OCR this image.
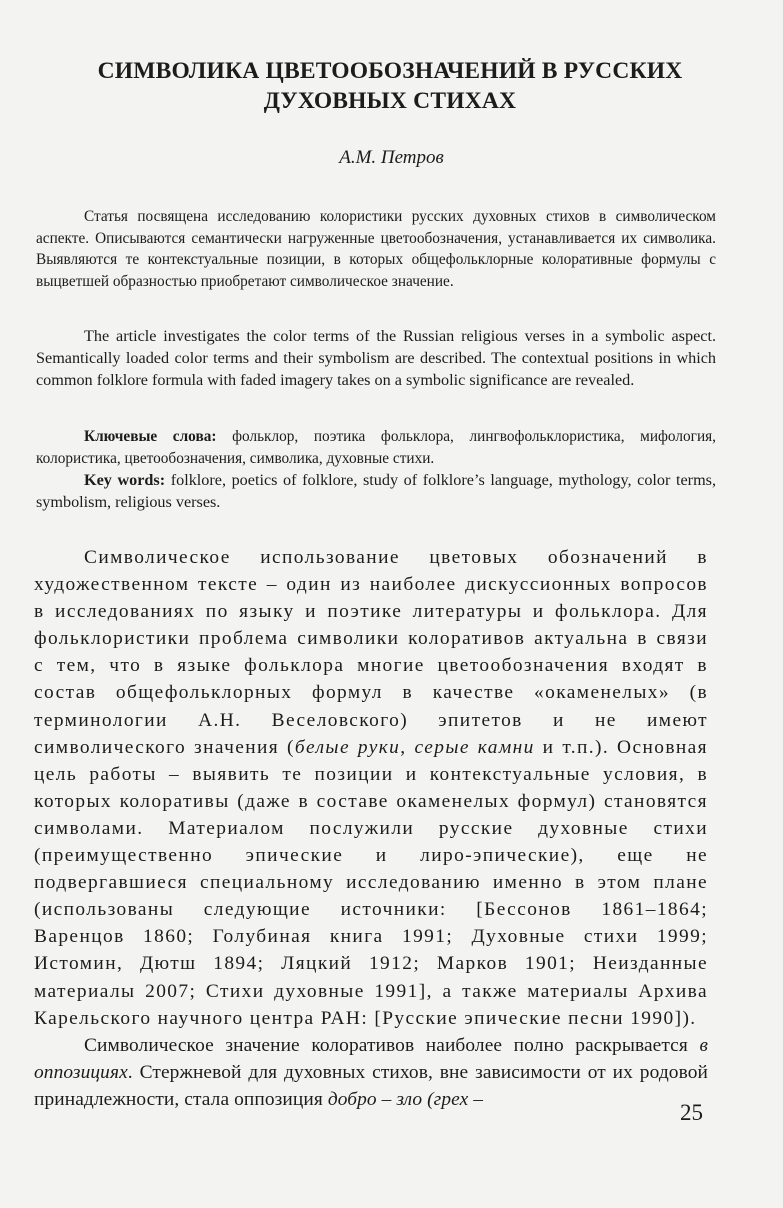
СИМВОЛИКА ЦВЕТООБОЗНАЧЕНИЙ В РУССКИХ
ДУХОВНЫХ СТИХАХ
А.М. Петров

Статья посвящена исследованию колористики русских духовных стихов в символическом аспекте. Описываются семантически нагруженные цветообозначения, устанавливается их символика. Выявляются те контекстуальные позиции, в которых общефольклорные колоративные формулы с выцветшей образностью приобретают символическое значение.

The article investigates the color terms of the Russian religious verses in a symbolic aspect. Semantically loaded color terms and their symbolism are described. The contextual positions in which common folklore formula with faded imagery takes on a symbolic significance are revealed.

Ключевые слова: фольклор, поэтика фольклора, лингвофольклористика, мифология, колористика, цветообозначения, символика, духовные стихи.

Key words: folklore, poetics of folklore, study of folklore’s language, mythology, color terms, symbolism, religious verses.

Символическое использование цветовых обозначений в художественном тексте – один из наиболее дискуссионных вопросов в исследованиях по языку и поэтике литературы и фольклора. Для фольклористики проблема символики колоративов актуальна в связи с тем, что в языке фольклора многие цветообозначения входят в состав общефольклорных формул в качестве «окаменелых» (в терминологии А.Н. Веселовского) эпитетов и не имеют символического значения (белые руки, серые камни и т.п.). Основная цель работы – выявить те позиции и контекстуальные условия, в которых колоративы (даже в составе окаменелых формул) становятся символами. Материалом послужили русские духовные стихи (преимущественно эпические и лиро-эпические), еще не подвергавшиеся специальному исследованию именно в этом плане (использованы следующие источники: [Бессонов 1861–1864; Варенцов 1860; Голубиная книга 1991; Духовные стихи 1999; Истомин, Дютш 1894; Ляцкий 1912; Марков 1901; Неизданные материалы 2007; Стихи духовные 1991], а также материалы Архива Карельского научного центра РАН: [Русские эпические песни 1990]).

Символическое значение колоративов наиболее полно раскрывается в оппозициях. Стержневой для духовных стихов, вне зависимости от их родовой принадлежности, стала оппозиция добро – зло (грех –

25
